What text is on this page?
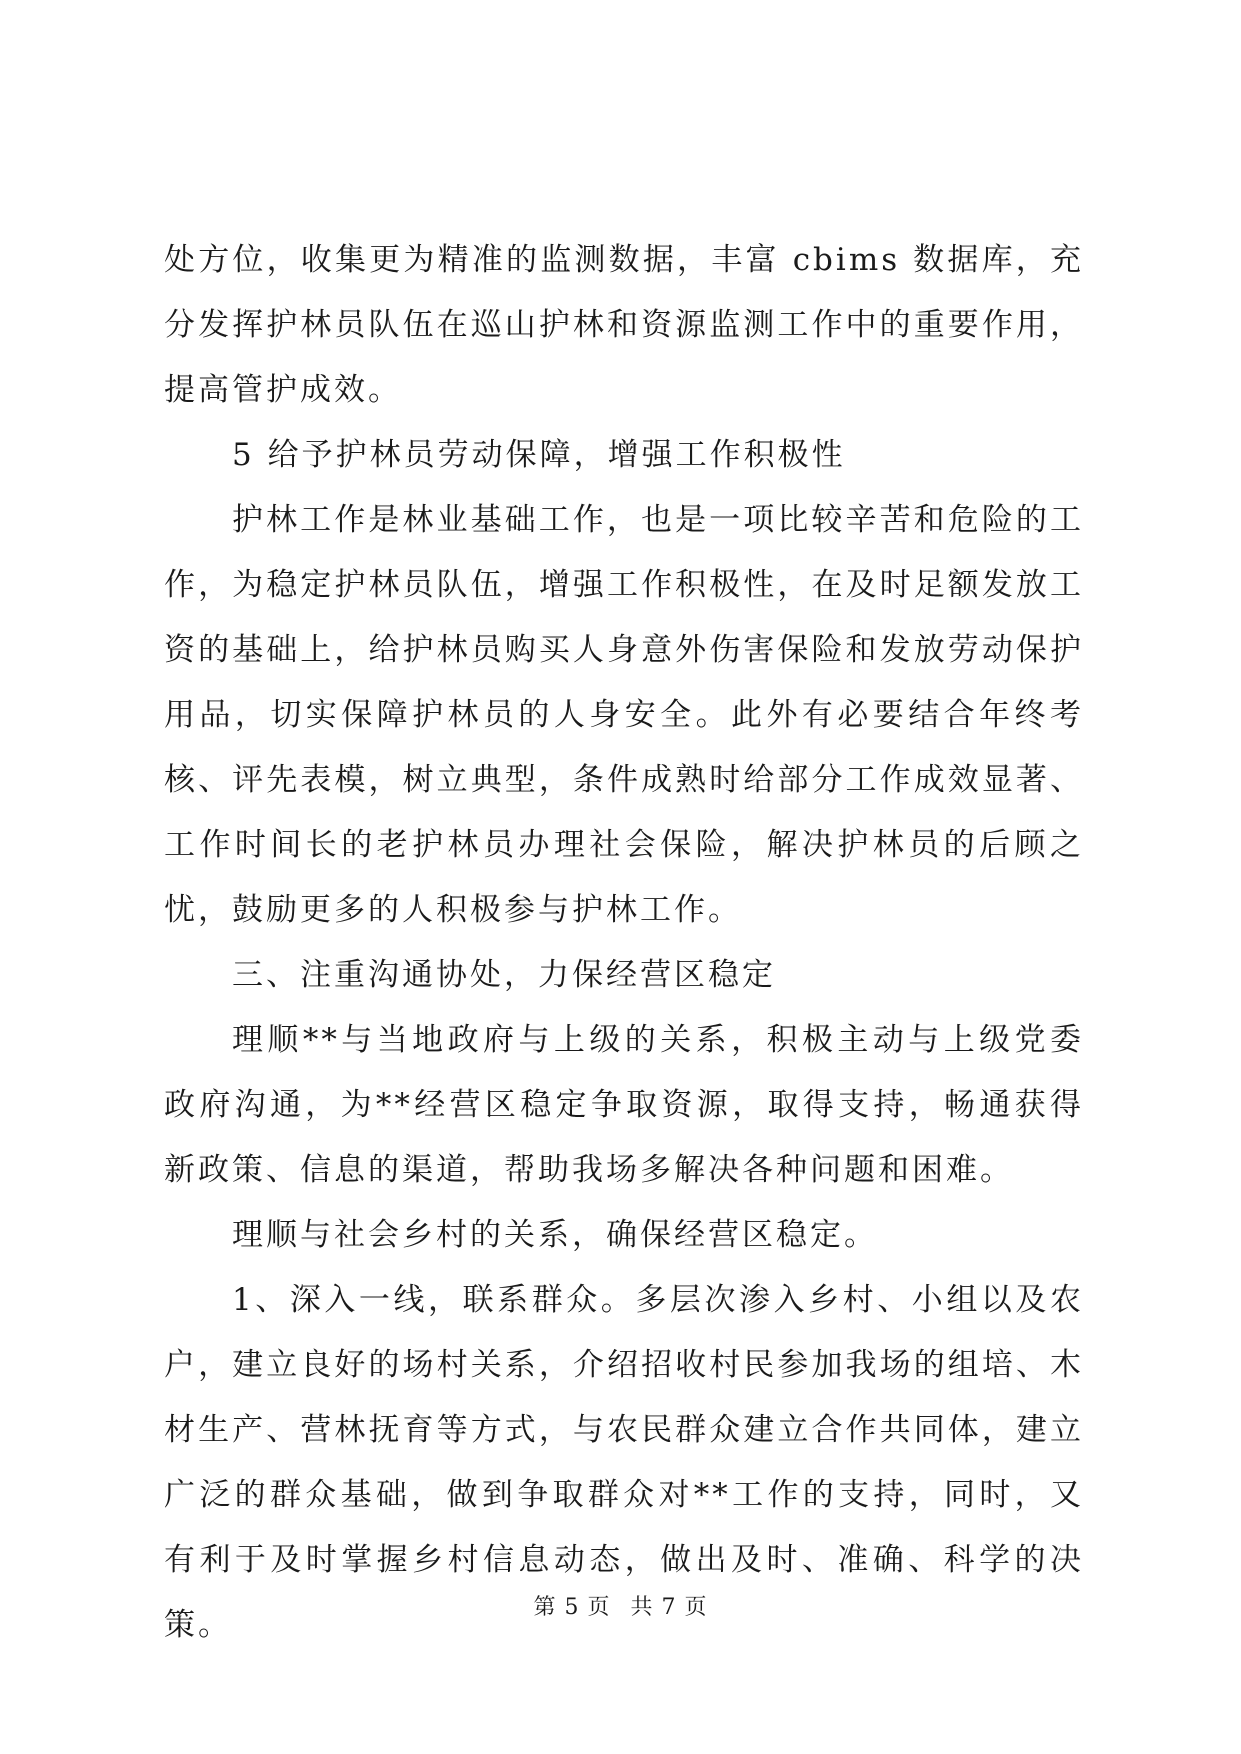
处方位，收集更为精准的监测数据，丰富 cbims 数据库，充分发挥护林员队伍在巡山护林和资源监测工作中的重要作用，提高管护成效。

5 给予护林员劳动保障，增强工作积极性

护林工作是林业基础工作，也是一项比较辛苦和危险的工作，为稳定护林员队伍，增强工作积极性，在及时足额发放工资的基础上，给护林员购买人身意外伤害保险和发放劳动保护用品，切实保障护林员的人身安全。此外有必要结合年终考核、评先表模，树立典型，条件成熟时给部分工作成效显著、工作时间长的老护林员办理社会保险，解决护林员的后顾之忧，鼓励更多的人积极参与护林工作。

三、注重沟通协处，力保经营区稳定

理顺**与当地政府与上级的关系，积极主动与上级党委政府沟通，为**经营区稳定争取资源，取得支持，畅通获得新政策、信息的渠道，帮助我场多解决各种问题和困难。

理顺与社会乡村的关系，确保经营区稳定。

1、深入一线，联系群众。多层次渗入乡村、小组以及农户，建立良好的场村关系，介绍招收村民参加我场的组培、木材生产、营林抚育等方式，与农民群众建立合作共同体，建立广泛的群众基础，做到争取群众对**工作的支持，同时，又有利于及时掌握乡村信息动态，做出及时、准确、科学的决策。	第 5 页 共 7 页
